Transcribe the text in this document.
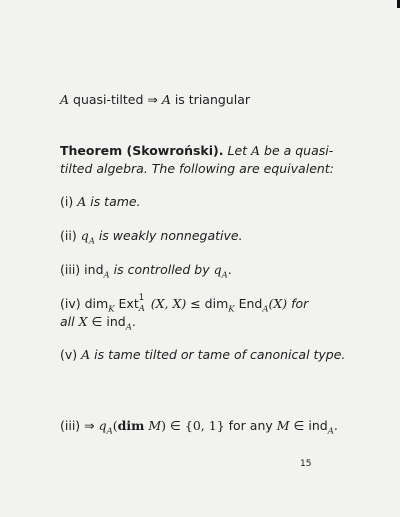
A quasi-tilted ⇒ A is triangular

Theorem (Skowroński). Let A be a quasi-

tilted algebra. The following are equivalent:

(i) A is tame.

(ii) $q_A$ is weakly nonnegative.

(iii) ind$_A$ is controlled by $q_A$.

(iv) dim$_K$ Ext 1
A (X, X) ≤ dim$_K$ End$_A$(X) for

all X ∈ ind$_A$.

(v) A is tame tilted or tame of canonical type.

(iii) ⇒ $q_A(dim$ M) ∈ {0, 1} for any M ∈ ind$_A$.

15
